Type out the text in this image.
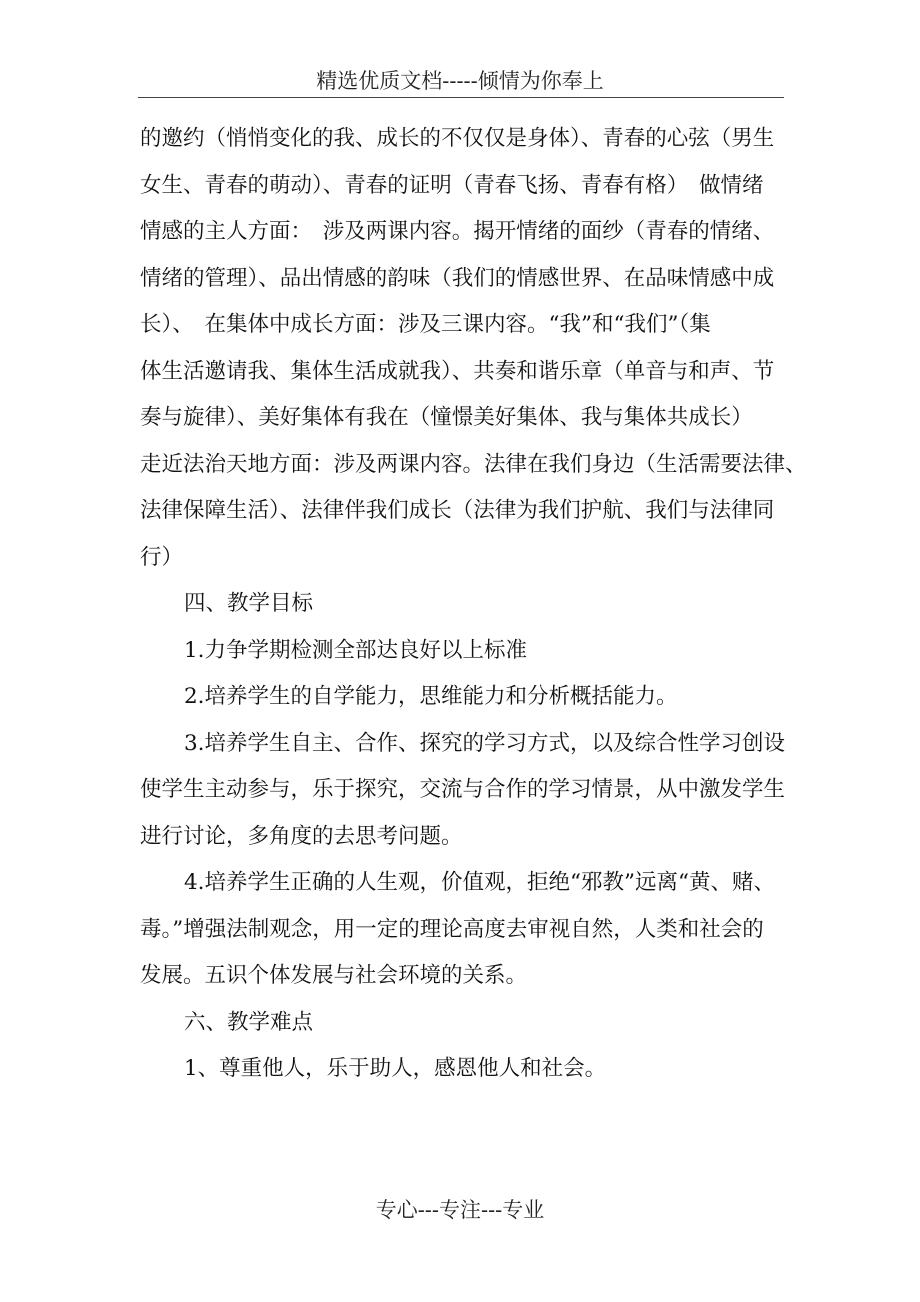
精选优质文档-----倾情为你奉上

的邀约（悄悄变化的我、成长的不仅仅是身体）、青春的心弦（男生

女生、青春的萌动）、青春的证明（青春飞扬、青春有格）　做情绪

情感的主人方面：　涉及两课内容。揭开情绪的面纱（青春的情绪、

情绪的管理）、品出情感的韵味（我们的情感世界、在品味情感中成

长）、　在集体中成长方面：涉及三课内容。“我”和“我们”（集

体生活邀请我、集体生活成就我）、共奏和谐乐章（单音与和声、节

奏与旋律）、美好集体有我在（憧憬美好集体、我与集体共成长）

走近法治天地方面：涉及两课内容。法律在我们身边（生活需要法律、

法律保障生活）、法律伴我们成长（法律为我们护航、我们与法律同

行）

四、教学目标

1.力争学期检测全部达良好以上标准

2.培养学生的自学能力，思维能力和分析概括能力。

3.培养学生自主、合作、探究的学习方式，以及综合性学习创设

使学生主动参与，乐于探究，交流与合作的学习情景，从中激发学生

进行讨论，多角度的去思考问题。

4.培养学生正确的人生观，价值观，拒绝“邪教”远离“黄、赌、

毒。”增强法制观念，用一定的理论高度去审视自然，人类和社会的

发展。五识个体发展与社会环境的关系。

六、教学难点

1、尊重他人，乐于助人，感恩他人和社会。

专心---专注---专业
